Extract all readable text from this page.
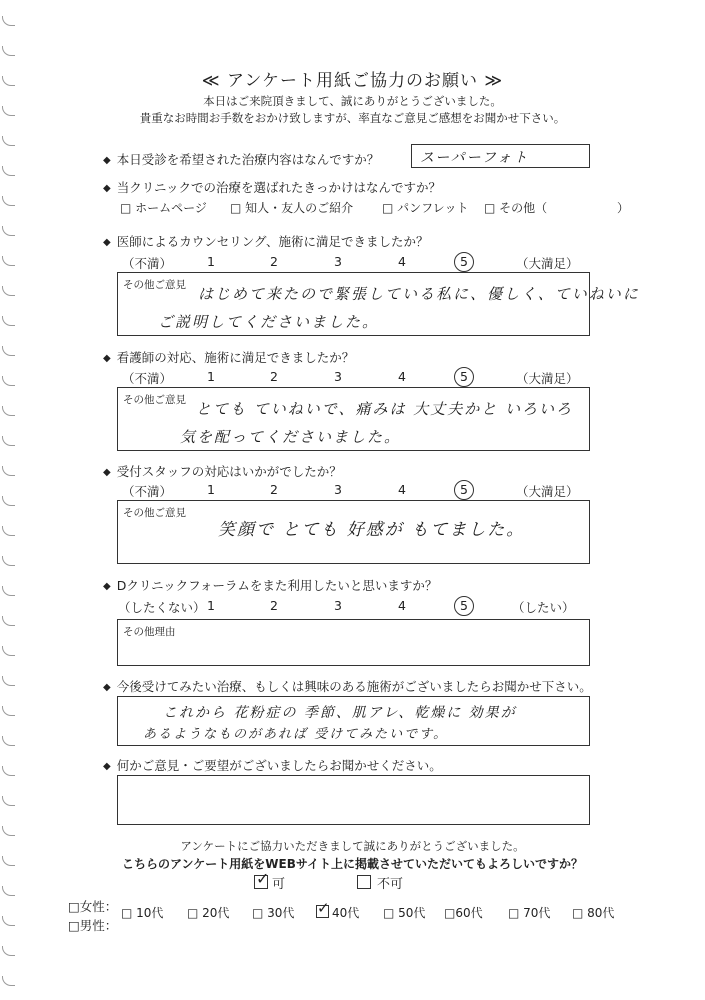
≪ アンケート用紙ご協力のお願い ≫
本日はご来院頂きまして、誠にありがとうございました。
貴重なお時間お手数をおかけ致しますが、率直なご意見ご感想をお聞かせ下さい。
◆ 本日受診を希望された治療内容はなんですか？	スーパーフォト
◆ 当クリニックでの治療を選ばれたきっかけはなんですか？
□ ホームページ □ 知人・友人のご紹介 □ パンフレット □ その他（	）
◆ 医師によるカウンセリング、施術に満足できましたか？
（不満）	1	2	3	4	5	（大満足）
その他ご意見 はじめて来たので緊張している私に、優しく、ていねいに
ご説明してくださいました。
◆ 看護師の対応、施術に満足できましたか？
（不満）	1	2	3	4	5	（大満足）
その他ご意見 とても ていねいで、痛みは 大丈夫かと いろいろ
気を配ってくださいました。
◆ 受付スタッフの対応はいかがでしたか？
（不満）	1	2	3	4	5	（大満足）
その他ご意見
笑顔で とても 好感が もてました。
◆ Dクリニックフォーラムをまた利用したいと思いますか？
（したくない） 1	2	3	4	5	（したい）
その他理由
◆ 今後受けてみたい治療、もしくは興味のある施術がございましたらお聞かせ下さい。
これから 花粉症の 季節、肌アレ、乾燥に 効果が
あるようなものがあれば 受けてみたいです。
◆ 何かご意見・ご要望がございましたらお聞かせください。
アンケートにご協力いただきまして誠にありがとうございました。
こちらのアンケート用紙をWEBサイト上に掲載させていただいてもよろしいですか？
✓ 可	不可
□女性：
□男性：
□ 10代 □ 20代 □ 30代 ✓ 40代 □ 50代 □60代 □ 70代 □ 80代
